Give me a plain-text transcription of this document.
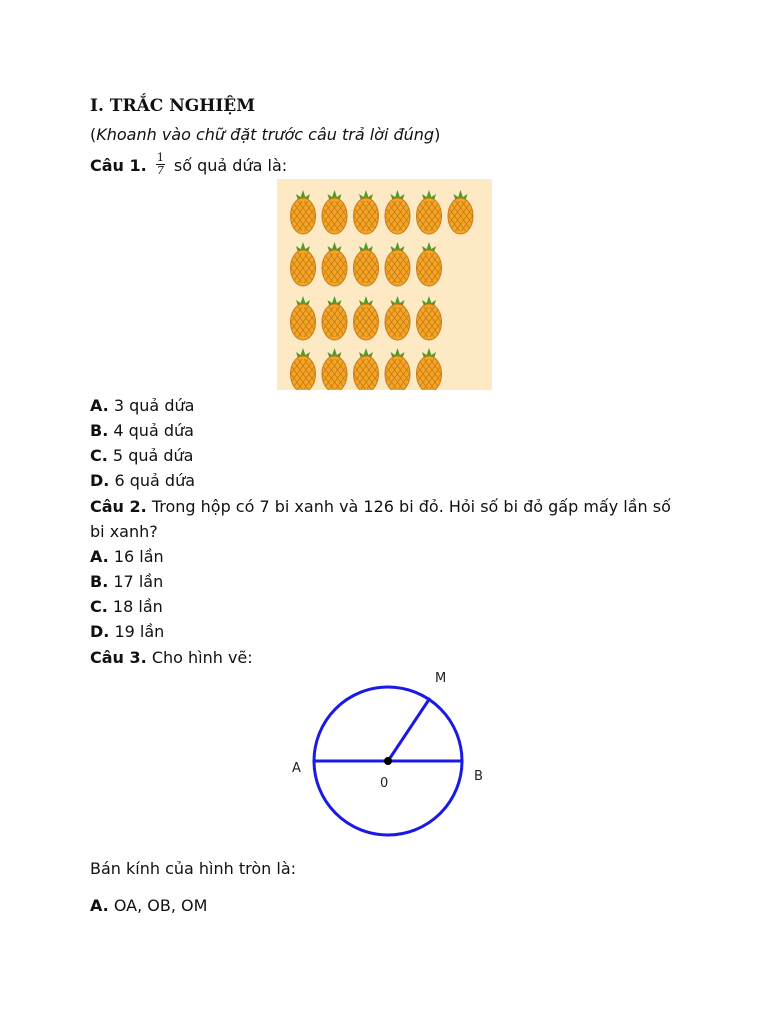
I. TRẮC NGHIỆM
(Khoanh vào chữ đặt trước câu trả lời đúng)
Câu 1. $\frac{1}{7}$ số quả dứa là:
A. 3 quả dứa
B. 4 quả dứa
C. 5 quả dứa
D. 6 quả dứa
Câu 2. Trong hộp có 7 bi xanh và 126 bi đỏ. Hỏi số bi đỏ gấp mấy lần số
bi xanh?
A. 16 lần
B. 17 lần
C. 18 lần
D. 19 lần
Câu 3. Cho hình vẽ:
M
A
0	B
Bán kính của hình tròn là:
A. OA, OB, OM
